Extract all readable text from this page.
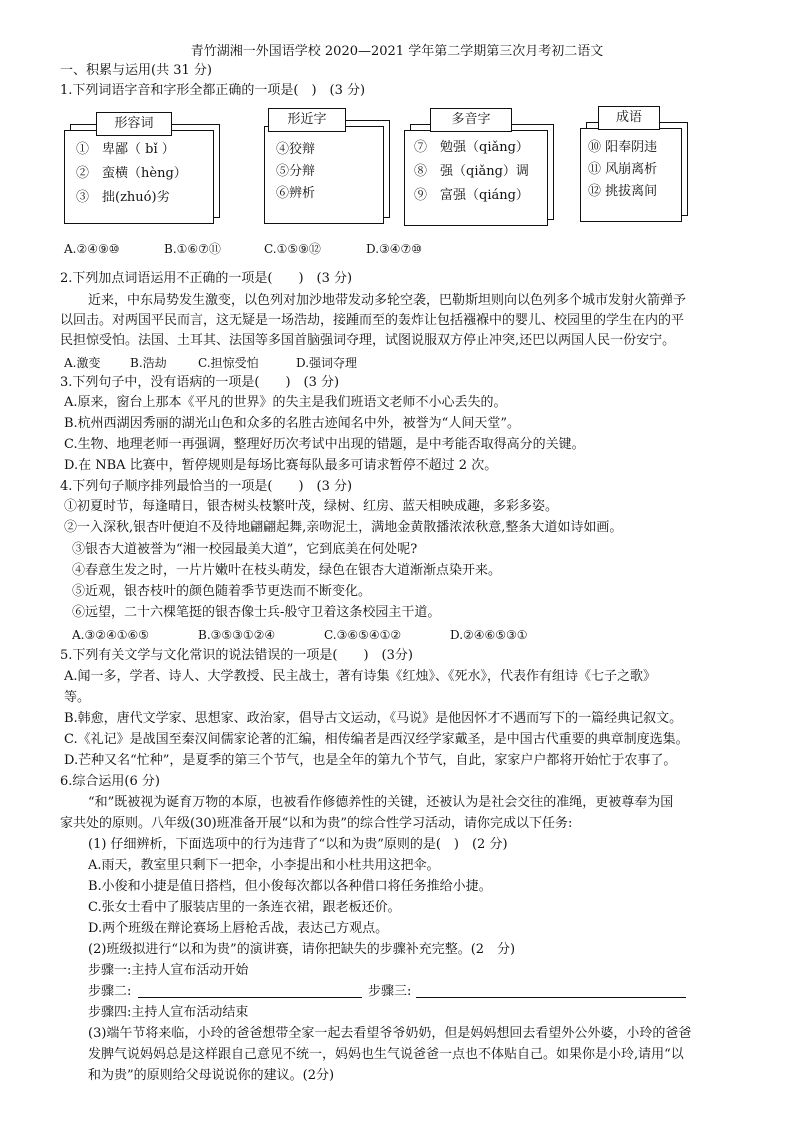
青竹湖湘一外国语学校 2020—2021 学年第二学期第三次月考初二语文
一、积累与运用(共 31 分)
1.下列词语字音和字形全都正确的一项是(　)　(3 分)
形容词
①　卑鄙（ bǐ ）
②　蛮横（hèng）
③　拙(zhuó)劣
形近字
④狡辩
⑤分辩
⑥辨析
多音字
⑦　勉强（qiǎng）
⑧　强（qiǎng）调
⑨　富强（qiáng）
成语
⑩ 阳奉阴违
⑪ 风崩离析
⑫ 挑拔离间
A.②④⑨⑩	B.①⑥⑦⑪	C.①⑤⑨⑫	D.③④⑦⑩
2.下列加点词语运用不正确的一项是(　　)　(3 分)
近来，中东局势发生激变，以色列对加沙地带发动多轮空袭，巴勒斯坦则向以色列多个城市发射火箭弹予
以回击。对两国平民而言，这无疑是一场浩劫，接踵而至的轰炸让包括襁褓中的婴儿、校园里的学生在内的平
民担惊受怕。法国、土耳其、法国等多国首脑强词夺理，试图说服双方停止冲突,还巴以两国人民一份安宁。
A.激变 B.浩劫	C.担惊受怕	D.强词夺理
3.下列句子中，没有语病的一项是(　　)　(3 分)
A.原来，窗台上那本《平凡的世界》的失主是我们班语文老师不小心丢失的。
B.杭州西湖因秀丽的湖光山色和众多的名胜古迹闻名中外，被誉为“人间天堂”。
C.生物、地理老师一再强调，整理好历次考试中出现的错题，是中考能否取得高分的关键。
D.在 NBA 比赛中，暂停规则是每场比赛每队最多可请求暂停不超过 2 次。
4.下列句子顺序排列最恰当的一项是(　　)　(3 分)
①初夏时节，每逢晴日，银杏树头枝繁叶茂，绿树、红房、蓝天相映成趣，多彩多姿。
②一入深秋,银杏叶便迫不及待地翩翩起舞,亲吻泥土，满地金黄散播浓浓秋意,整条大道如诗如画。
③银杏大道被誉为“湘一校园最美大道”，它到底美在何处呢?
④春意生发之时，一片片嫩叶在枝头萌发，绿色在银杏大道渐渐点染开来。
⑤近观，银杏枝叶的颜色随着季节更迭而不断变化。
⑥远望，二十六棵笔挺的银杏像士兵-般守卫着这条校园主干道。
A.③②④①⑥⑤	B.③⑤③①②④	C.③⑥⑤④①②	D.②④⑥⑤③①
5.下列有关文学与文化常识的说法错误的一项是(　　)　(3分)
A.闻一多，学者、诗人、大学教授、民主战士，著有诗集《红烛》、《死水》，代表作有组诗《七子之歌》
等。
B.韩愈，唐代文学家、思想家、政治家，倡导古文运动，《马说》是他因怀才不遇而写下的一篇经典记叙文。
C.《礼记》是战国至秦汉间儒家论著的汇编，相传编者是西汉经学家戴圣，是中国古代重要的典章制度选集。
D.芒种又名“忙种”，是夏季的第三个节气，也是全年的第九个节气，自此，家家户户都将开始忙于农事了。
6.综合运用(6 分)
“和”既被视为诞育万物的本原，也被看作修德养性的关键，还被认为是社会交往的准绳，更被尊奉为国
家共处的原则。八年级(30)班准备开展“以和为贵”的综合性学习活动，请你完成以下任务:
(1) 仔细辨析，下面选项中的行为违背了“以和为贵”原则的是(　)　(2 分)
A.雨天，教室里只剩下一把伞，小李提出和小杜共用这把伞。
B.小俊和小捷是值日搭档，但小俊每次都以各种借口将任务推给小捷。
C.张女士看中了服装店里的一条连衣裙，跟老板还价。
D.两个班级在辩论赛场上唇枪舌战，表达己方观点。
(2)班级拟进行“以和为贵”的演讲赛，请你把缺失的步骤补充完整。(2　分)
步骤一:主持人宣布活动开始
步骤二:	步骤三:
步骤四:主持人宣布活动结束
(3)端午节将来临，小玲的爸爸想带全家一起去看望爷爷奶奶，但是妈妈想回去看望外公外婆，小玲的爸爸
发脾气说妈妈总是这样跟自己意见不统一，妈妈也生气说爸爸一点也不体贴自己。如果你是小玲,请用“以
和为贵”的原则给父母说说你的建议。(2分)
